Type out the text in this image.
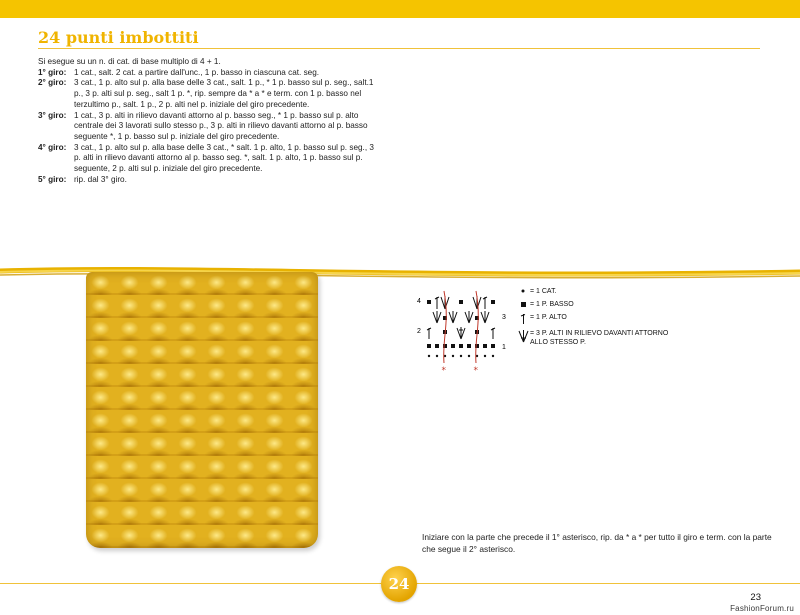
24 punti imbottiti
Si esegue su un n. di cat. di base multiplo di 4 + 1.
1° giro: 1 cat., salt. 2 cat. a partire dall'unc., 1 p. basso in ciascuna cat. seg.
2° giro: 3 cat., 1 p. alto sul p. alla base delle 3 cat., salt. 1 p., * 1 p. basso sul p. seg., salt.1 p., 3 p. alti sul p. seg., salt 1 p. *, rip. sempre da * a * e term. con 1 p. basso nel terzultimo p., salt. 1 p., 2 p. alti nel p. iniziale del giro precedente.
3° giro: 1 cat., 3 p. alti in rilievo davanti attorno al p. basso seg., * 1 p. basso sul p. alto centrale dei 3 lavorati sullo stesso p., 3 p. alti in rilievo davanti attorno al p. basso seguente *, 1 p. basso sul p. iniziale del giro precedente.
4° giro: 3 cat., 1 p. alto sul p. alla base delle 3 cat., * salt. 1 p. alto, 1 p. basso sul p. seg., 3 p. alti in rilievo davanti attorno al p. basso seg. *, salt. 1 p. alto, 1 p. basso sul p. seguente, 2 p. alti sul p. iniziale del giro precedente.
5° giro: rip. dal 3° giro.
4
2
3
1
*	*
= 1 CAT.
= 1 P. BASSO
= 1 P. ALTO
= 3 P. ALTI IN RILIEVO DAVANTI ATTORNO ALLO STESSO P.
Iniziare con la parte che precede il 1° asterisco, rip. da * a * per tutto il giro e term. con la parte che segue il 2° asterisco.
24
23
FashionForum.ru
